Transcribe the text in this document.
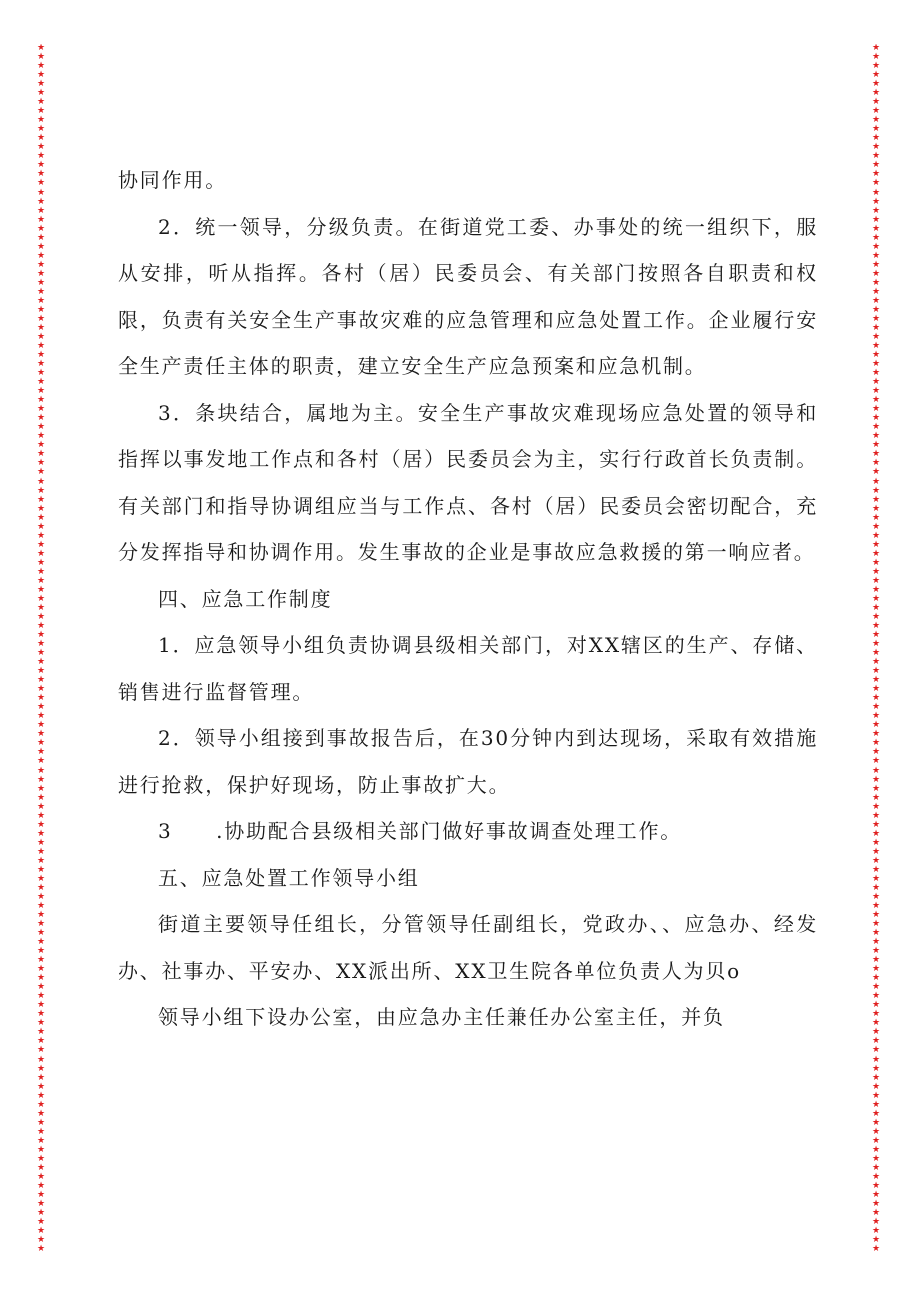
★
★
★
★
★
★
★
★
★
★
★
★
★
★
★
★
★
★
★
★
★
★
★
★
★
★
★
★
★
★
★
★
★
★
★
★
★
★
★
★
★
★
★
★
★
★
★
★
★
★
★
★
★
★
★
★
★
★
★
★
★
★
★
★
★
★
★
★
★
★
★
★
★
★
★
★
★
★
★
★
★
★
★
★
★
★
★
★
★
★
★
★
★
★
★
★
★
★
★
★
★
★
★
★
★
★
★
★
★
★
★
★
★
★
★
★
★
★
★
★
★
★
★
★
★
★
★
★
★
★
★
★
★
★
★
★
★
★
★
★
★
★
★
★
★
★
★
★
★
★
★
★
★
★
★
★
★
★
★
★
★
★
★
★
★
★
★
★
★
★
★
★
★
★
★
★
★
★
★
★
★
★
★
★
★
★
★
★
★
★
★
★
★
★
★
★
★
★
★
★
★
★
★
★
★
★
★
★
★
★
★
★
★
★
★
★
★
★
★
★
★
★
★
★
★
★
★
★
★
★
★
★
★
★
★
★
★
★
★
★
★
★
★
★
★
★
★
★
★
★
★
★
★
★
★
★
★
★
★
★
★
★
★
★
★
★
★
★

协同作用。

2．统一领导，分级负责。在街道党工委、办事处的统一组织下，服从安排，听从指挥。各村（居）民委员会、有关部门按照各自职责和权限，负责有关安全生产事故灾难的应急管理和应急处置工作。企业履行安全生产责任主体的职责，建立安全生产应急预案和应急机制。

3．条块结合，属地为主。安全生产事故灾难现场应急处置的领导和指挥以事发地工作点和各村（居）民委员会为主，实行行政首长负责制。有关部门和指导协调组应当与工作点、各村（居）民委员会密切配合，充分发挥指导和协调作用。发生事故的企业是事故应急救援的第一响应者。

四、应急工作制度

1．应急领导小组负责协调县级相关部门，对XX辖区的生产、存储、销售进行监督管理。

2．领导小组接到事故报告后，在30分钟内到达现场，采取有效措施进行抢救，保护好现场，防止事故扩大。

3　　.协助配合县级相关部门做好事故调查处理工作。

五、应急处置工作领导小组

街道主要领导任组长，分管领导任副组长，党政办、、应急办、经发办、社事办、平安办、XX派出所、XX卫生院各单位负责人为贝o

领导小组下设办公室，由应急办主任兼任办公室主任，并负
